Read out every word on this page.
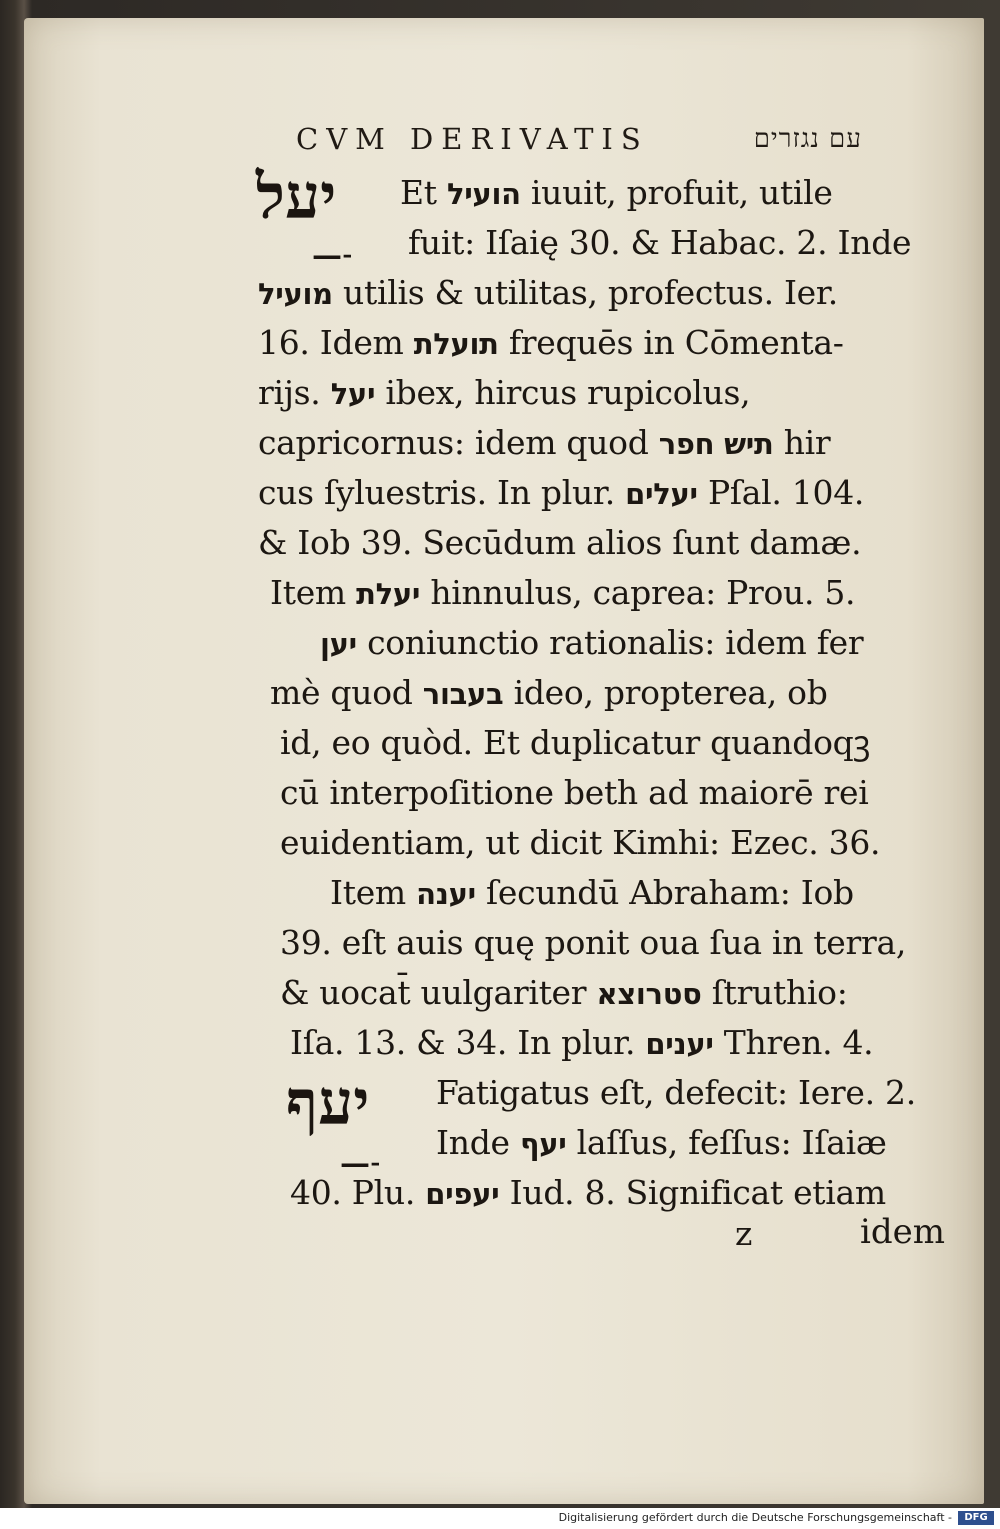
CVM DERIVATIS	עם נגזרים
יעל
—˗
יעף
—˗
Et הועיל iuuit, profuit, utile
fuit: Iſaię 30. & Habac. 2. Inde
מועיל utilis & utilitas, profectus. Ier.
16. Idem תועלת frequēs in Cōmenta-
rijs. יעל ibex, hircus rupicolus,
capricornus: idem quod תיש חפר hir
cus ſyluestris. In plur. יעלים Pſal. 104.
& Iob 39. Secūdum alios ſunt damæ.
Item יעלת hinnulus, caprea: Prou. 5.
יען coniunctio rationalis: idem fer
mè quod בעבור ideo, propterea, ob
id, eo quòd. Et duplicatur quandoqꝫ
cū interpoſitione beth ad maiorē rei
euidentiam, ut dicit Kimhi: Ezec. 36.
Item יענה ſecundū Abraham: Iob
39. eſt auis quę ponit oua ſua in terra,
& uocat̄ uulgariter סטרוצא ſtruthio:
Iſa. 13. & 34. In plur. יענים Thren. 4.
Fatigatus eſt, defecit: Iere. 2.
Inde יעף laſſus, feſſus: Iſaiæ
40. Plu. יעפים Iud. 8. Significat etiam
z	idem
Digitalisierung gefördert durch die Deutsche Forschungsgemeinschaft -	DFG
